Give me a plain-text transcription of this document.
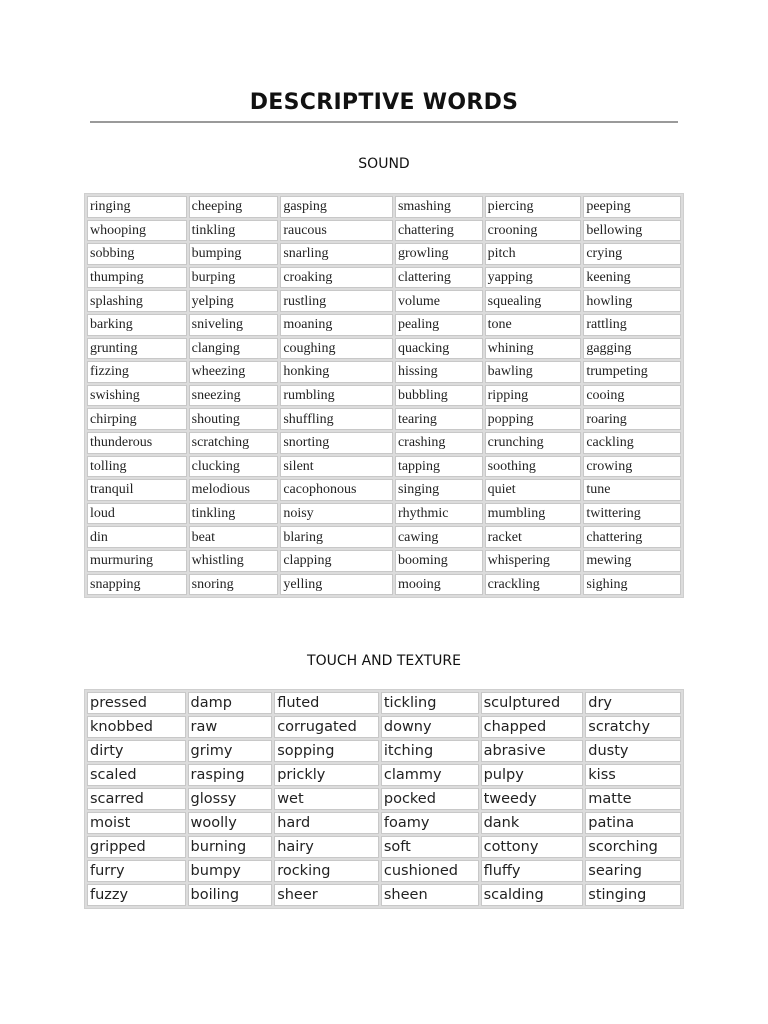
DESCRIPTIVE WORDS
SOUND
ringing	cheeping	gasping	smashing	piercing	peeping
whooping	tinkling	raucous	chattering	crooning	bellowing
sobbing	bumping	snarling	growling	pitch	crying
thumping	burping	croaking	clattering	yapping	keening
splashing	yelping	rustling	volume	squealing	howling
barking	sniveling	moaning	pealing	tone	rattling
grunting	clanging	coughing	quacking	whining	gagging
fizzing	wheezing	honking	hissing	bawling	trumpeting
swishing	sneezing	rumbling	bubbling	ripping	cooing
chirping	shouting	shuffling	tearing	popping	roaring
thunderous	scratching	snorting	crashing	crunching	cackling
tolling	clucking	silent	tapping	soothing	crowing
tranquil	melodious	cacophonous	singing	quiet	tune
loud	tinkling	noisy	rhythmic	mumbling	twittering
din	beat	blaring	cawing	racket	chattering
murmuring	whistling	clapping	booming	whispering	mewing
snapping	snoring	yelling	mooing	crackling	sighing
TOUCH AND TEXTURE
pressed	damp	fluted	tickling	sculptured	dry
knobbed	raw	corrugated	downy	chapped	scratchy
dirty	grimy	sopping	itching	abrasive	dusty
scaled	rasping	prickly	clammy	pulpy	kiss
scarred	glossy	wet	pocked	tweedy	matte
moist	woolly	hard	foamy	dank	patina
gripped	burning	hairy	soft	cottony	scorching
furry	bumpy	rocking	cushioned	fluffy	searing
fuzzy	boiling	sheer	sheen	scalding	stinging
